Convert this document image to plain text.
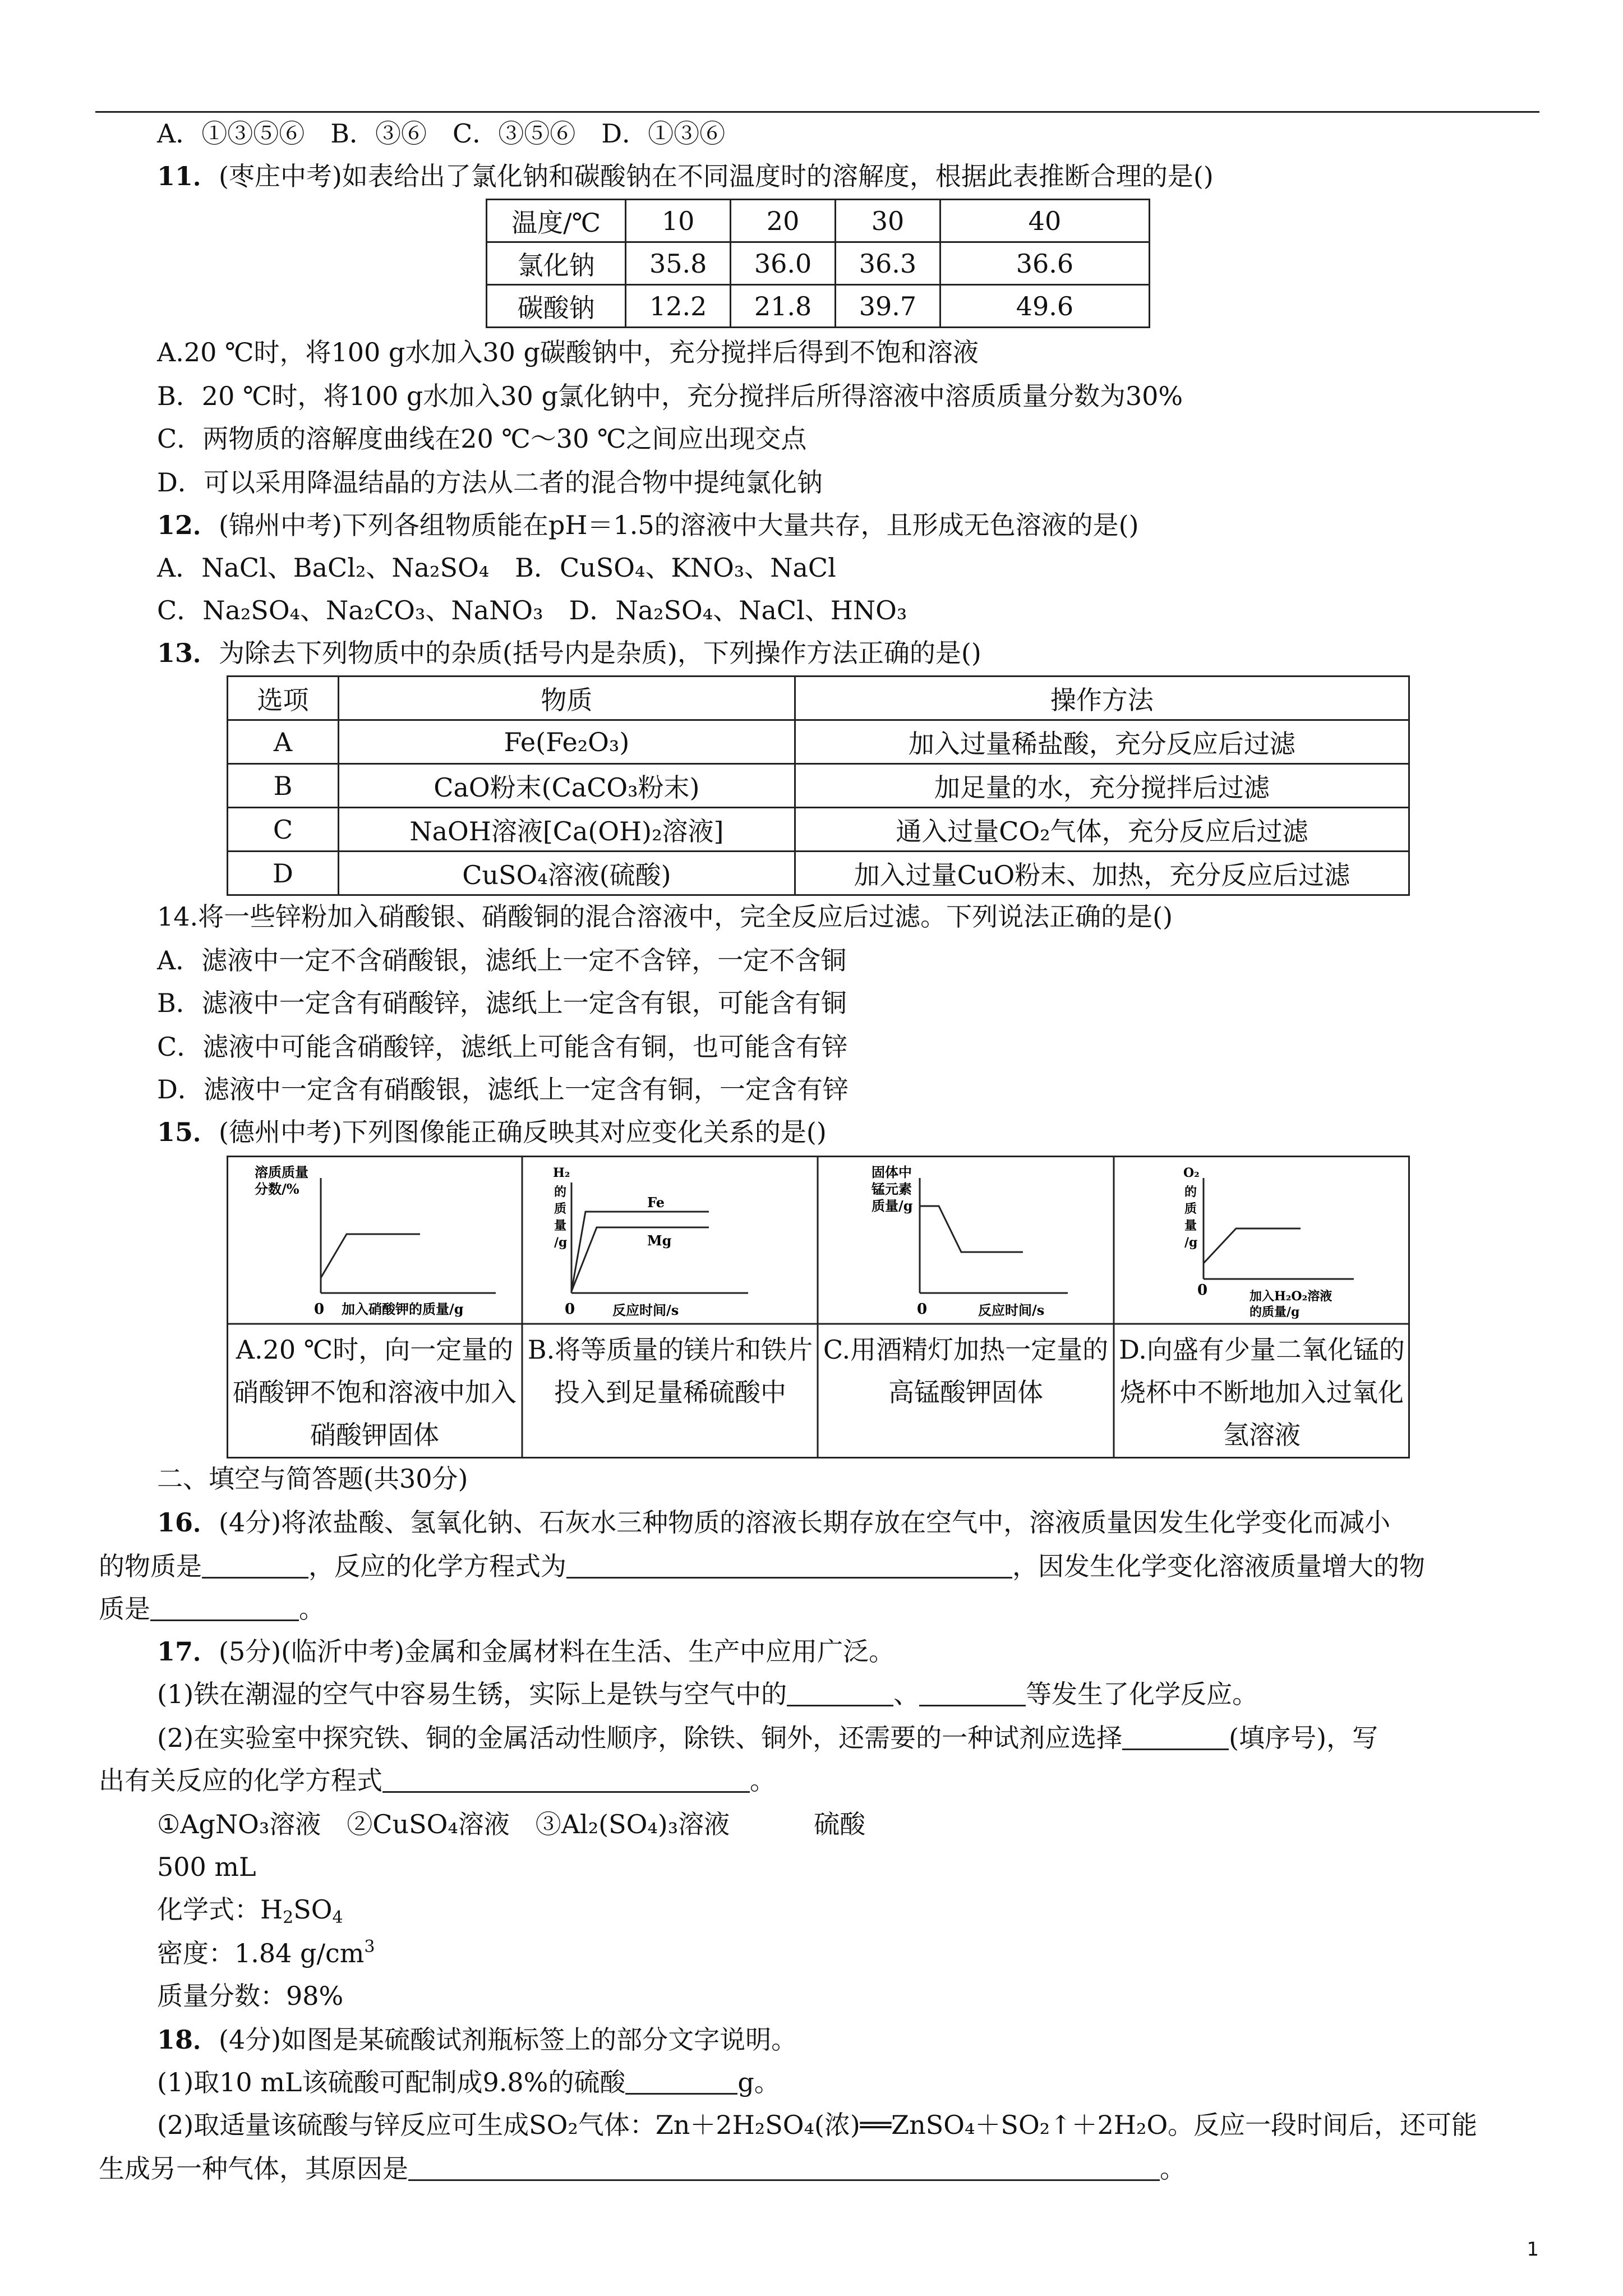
A．①③⑤⑥　B．③⑥　C．③⑤⑥　D．①③⑥
11．(枣庄中考)如表给出了氯化钠和碳酸钠在不同温度时的溶解度，根据此表推断合理的是()
温度/℃	10	20	30	40
氯化钠	35.8	36.0	36.3	36.6
碳酸钠	12.2	21.8	39.7	49.6
A.20 ℃时，将100 g水加入30 g碳酸钠中，充分搅拌后得到不饱和溶液
B．20 ℃时，将100 g水加入30 g氯化钠中，充分搅拌后所得溶液中溶质质量分数为30%
C．两物质的溶解度曲线在20 ℃～30 ℃之间应出现交点
D．可以采用降温结晶的方法从二者的混合物中提纯氯化钠
12．(锦州中考)下列各组物质能在pH＝1.5的溶液中大量共存，且形成无色溶液的是()
A．NaCl、BaCl₂、Na₂SO₄　 B．CuSO₄、KNO₃、NaCl
C．Na₂SO₄、Na₂CO₃、NaNO₃　 D．Na₂SO₄、NaCl、HNO₃
13．为除去下列物质中的杂质(括号内是杂质)，下列操作方法正确的是()
选项	物质	操作方法
A	Fe(Fe₂O₃)	加入过量稀盐酸，充分反应后过滤
B	CaO粉末(CaCO₃粉末)	加足量的水，充分搅拌后过滤
C	NaOH溶液[Ca(OH)₂溶液]	通入过量CO₂气体，充分反应后过滤
D	CuSO₄溶液(硫酸)	加入过量CuO粉末、加热，充分反应后过滤
14.将一些锌粉加入硝酸银、硝酸铜的混合溶液中，完全反应后过滤。下列说法正确的是()
A．滤液中一定不含硝酸银，滤纸上一定不含锌，一定不含铜
B．滤液中一定含有硝酸锌，滤纸上一定含有银，可能含有铜
C．滤液中可能含硝酸锌，滤纸上可能含有铜，也可能含有锌
D．滤液中一定含有硝酸银，滤纸上一定含有铜，一定含有锌
15．(德州中考)下列图像能正确反映其对应变化关系的是()
溶质质量
分数/%
0 加入硝酸钾的质量/g
Fe
Mg
H₂
的
质
量
/g
0	反应时间/s
固体中
锰元素
质量/g
0	反应时间/s
O₂
的
质
量
/g
0	加入H₂O₂溶液
的质量/g
A.20 ℃时，向一定量的硝酸钾不饱和溶液中加入硝酸钾固体
B.将等质量的镁片和铁片投入到足量稀硫酸中
C.用酒精灯加热一定量的高锰酸钾固体
D.向盛有少量二氧化锰的烧杯中不断地加入过氧化氢溶液
二、填空与简答题(共30分)
16．(4分)将浓盐酸、氢氧化钠、石灰水三种物质的溶液长期存放在空气中，溶液质量因发生化学变化而减小
的物质是	，反应的化学方程式为	，因发生化学变化溶液质量增大的物
质是	。
17．(5分)(临沂中考)金属和金属材料在生活、生产中应用广泛。
(1)铁在潮湿的空气中容易生锈，实际上是铁与空气中的	、	等发生了化学反应。
(2)在实验室中探究铁、铜的金属活动性顺序，除铁、铜外，还需要的一种试剂应选择	(填序号)，写
出有关反应的化学方程式	。
①AgNO₃溶液　②CuSO₄溶液　③Al₂(SO₄)₃溶液	硫酸
500 mL
化学式：$H_2SO_4$
密度：1.84 $g/cm^3$
质量分数：98%
18．(4分)如图是某硫酸试剂瓶标签上的部分文字说明。
(1)取10 mL该硫酸可配制成9.8%的硫酸	g。
(2)取适量该硫酸与锌反应可生成SO₂气体：Zn＋2H₂SO₄(浓)══ZnSO₄＋SO₂↑＋2H₂O。反应一段时间后，还可能
生成另一种气体，其原因是	。
1
